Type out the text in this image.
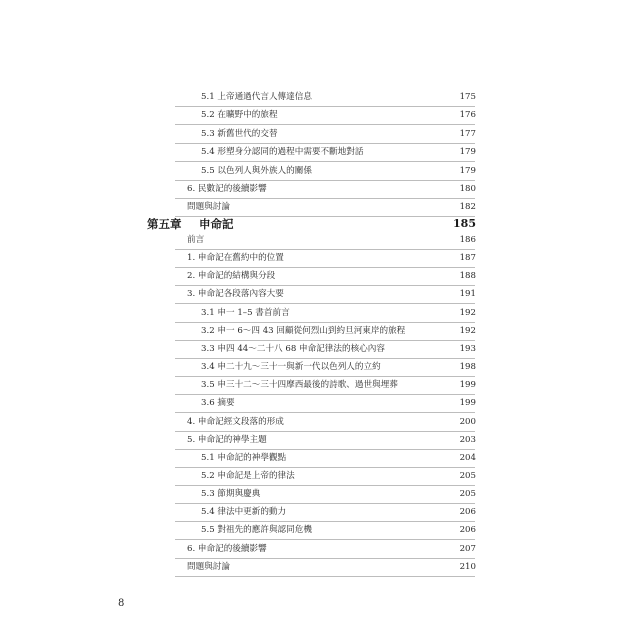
5.1 上帝通過代言人傳達信息	175
5.2 在曠野中的旅程	176
5.3 新舊世代的交替	177
5.4 形塑身分認同的過程中需要不斷地對話	179
5.5 以色列人與外族人的關係	179
6. 民數記的後續影響	180
問題與討論	182
第五章 申命記	185
前言	186
1. 申命記在舊約中的位置	187
2. 申命記的結構與分段	188
3. 申命記各段落內容大要	191
3.1 申一 1–5 書首前言	192
3.2 申一 6～四 43 回顧從何烈山到約旦河東岸的旅程	192
3.3 申四 44～二十八 68 申命記律法的核心內容	193
3.4 申二十九～三十一與新一代以色列人的立約	198
3.5 申三十二～三十四摩西最後的詩歌、過世與埋葬	199
3.6 摘要	199
4. 申命記經文段落的形成	200
5. 申命記的神學主題	203
5.1 申命記的神學觀點	204
5.2 申命記是上帝的律法	205
5.3 節期與慶典	205
5.4 律法中更新的動力	206
5.5 對祖先的應許與認同危機	206
6. 申命記的後續影響	207
問題與討論	210
8
